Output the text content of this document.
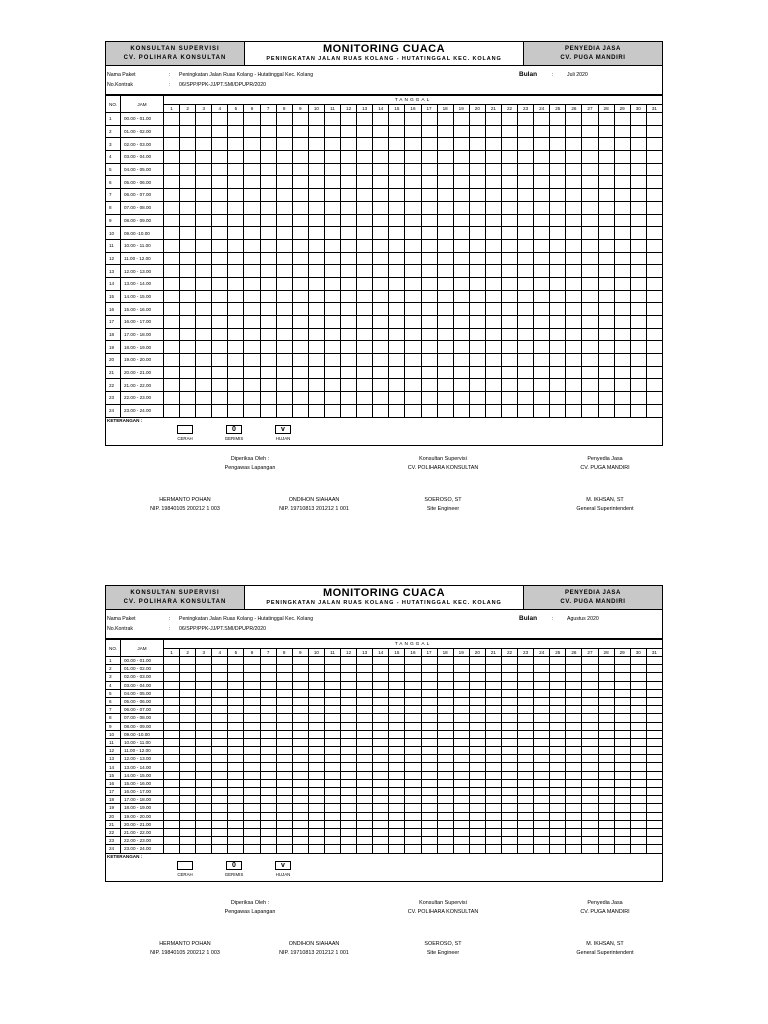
KONSULTAN SUPERVISI
CV. POLIHARA KONSULTAN
MONITORING CUACA
PENINGKATAN JALAN RUAS KOLANG - HUTATINGGAL KEC. KOLANG
PENYEDIA JASA
CV. PUGA MANDIRI
Nama Paket	: Peningkatan Jalan Ruas Kolang - Hutatinggal Kec. Kolang
No.Kontrak	: 06/SPP/PPK-JJ/PT.SMI/DPUPR/2020
Bulan	:	Juli 2020
NO.	JAM	TANGGAL																														
		1	2	3	4	5	6	7	8	9	10	11	12	13	14	15	16	17	18	19	20	21	22	23	24	25	26	27	28	29	30	31
1	00.00 - 01.00																															
2	01.00 - 02.00																															
3	02.00 - 03.00																															
4	03.00 - 04.00																															
5	04.00 - 05.00																															
6	05.00 - 06.00																															
7	06.00 - 07.00																															
8	07.00 - 08.00																															
9	08.00 - 09.00																															
10	09.00 -10.00																															
11	10.00 - 11.00																															
12	11.00 - 12.00																															
13	12.00 - 13.00																															
14	13.00 - 14.00																															
15	14.00 - 15.00																															
16	15.00 - 16.00																															
17	16.00 - 17.00																															
18	17.00 - 18.00																															
19	18.00 - 19.00																															
20	19.00 - 20.00																															
21	20.00 - 21.00																															
22	21.00 - 22.00																															
23	22.00 - 23.00																															
24	23.00 - 24.00																															
KETERANGAN :
CERAH
0
GERIMIS
v
HUJAN
Diperiksa Oleh :
Pengawas Lapangan
Konsultan Supervisi
CV. POLIHARA KONSULTAN
Penyedia Jasa
CV. PUGA MANDIRI
HERMANTO POHAN
NIP. 19840105 200212 1 003
ONDIHON SIAHAAN
NIP. 19710813 201212 1 001
SOEROSO, ST
Site Engineer
M. IKHSAN, ST
General Superintendent
KONSULTAN SUPERVISI
CV. POLIHARA KONSULTAN
MONITORING CUACA
PENINGKATAN JALAN RUAS KOLANG - HUTATINGGAL KEC. KOLANG
PENYEDIA JASA
CV. PUGA MANDIRI
Nama Paket	: Peningkatan Jalan Ruas Kolang - Hutatinggal Kec. Kolang
No.Kontrak	: 06/SPP/PPK-JJ/PT.SMI/DPUPR/2020
Bulan	:	Agustus 2020
NO.	JAM	TANGGAL																														
		1	2	3	4	5	6	7	8	9	10	11	12	13	14	15	16	17	18	19	20	21	22	23	24	25	26	27	28	29	30	31
1	00.00 - 01.00																															
2	01.00 - 02.00																															
3	02.00 - 03.00																															
4	03.00 - 04.00																															
5	04.00 - 05.00																															
6	05.00 - 06.00																															
7	06.00 - 07.00																															
8	07.00 - 08.00																															
9	08.00 - 09.00																															
10	09.00 -10.00																															
11	10.00 - 11.00																															
12	11.00 - 12.00																															
13	12.00 - 13.00																															
14	13.00 - 14.00																															
15	14.00 - 15.00																															
16	15.00 - 16.00																															
17	16.00 - 17.00																															
18	17.00 - 18.00																															
19	18.00 - 19.00																															
20	19.00 - 20.00																															
21	20.00 - 21.00																															
22	21.00 - 22.00																															
23	22.00 - 23.00																															
24	23.00 - 24.00																															
KETERANGAN :
CERAH
0
GERIMIS
v
HUJAN
Diperiksa Oleh :
Pengawas Lapangan
Konsultan Supervisi
CV. POLIHARA KONSULTAN
Penyedia Jasa
CV. PUGA MANDIRI
HERMANTO POHAN
NIP. 19840105 200212 1 003
ONDIHON SIAHAAN
NIP. 19710813 201212 1 001
SOEROSO, ST
Site Engineer
M. IKHSAN, ST
General Superintendent
